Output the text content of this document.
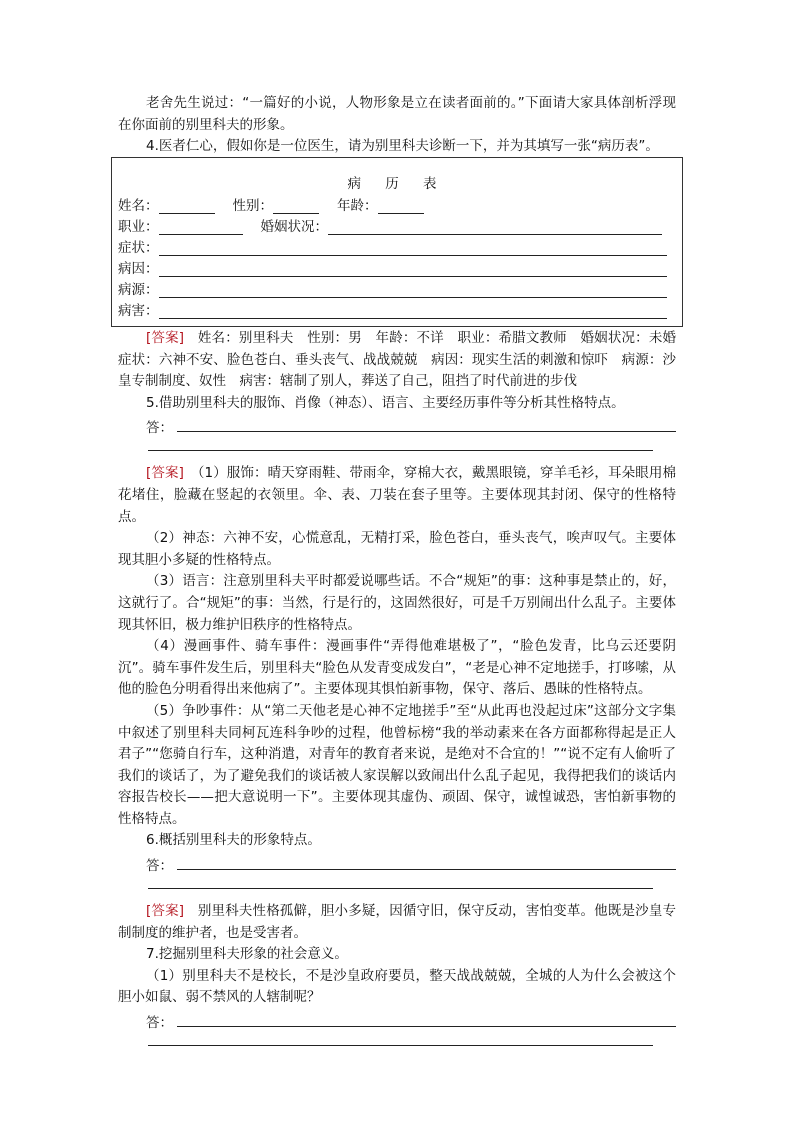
老舍先生说过：“一篇好的小说，人物形象是立在读者面前的。”下面请大家具体剖析浮现在你面前的别里科夫的形象。

4.医者仁心，假如你是一位医生，请为别里科夫诊断一下，并为其填写一张“病历表”。

病 历 表
姓名：	性别：	年龄：
职业：	婚姻状况：
症状：
病因：
病源：
病害：

[答案]　 姓名：别里科夫　性别：男　年龄：不详　职业：希腊文教师　婚姻状况：未婚　症状：六神不安、脸色苍白、垂头丧气、战战兢兢　病因：现实生活的刺激和惊吓　病源：沙皇专制制度、奴性　病害：辖制了别人，葬送了自己，阻挡了时代前进的步伐

5.借助别里科夫的服饰、肖像（神态）、语言、主要经历事件等分析其性格特点。

答：

[答案]　 （1）服饰：晴天穿雨鞋、带雨伞，穿棉大衣，戴黑眼镜，穿羊毛衫，耳朵眼用棉花堵住，脸藏在竖起的衣领里。伞、表、刀装在套子里等。主要体现其封闭、保守的性格特点。

（2）神态：六神不安，心慌意乱，无精打采，脸色苍白，垂头丧气，唉声叹气。主要体现其胆小多疑的性格特点。

（3）语言：注意别里科夫平时都爱说哪些话。不合“规矩”的事：这种事是禁止的，好，这就行了。合“规矩”的事：当然，行是行的，这固然很好，可是千万别闹出什么乱子。主要体现其怀旧，极力维护旧秩序的性格特点。

（4）漫画事件、骑车事件：漫画事件“弄得他难堪极了”，“脸色发青，比乌云还要阴沉”。骑车事件发生后，别里科夫“脸色从发青变成发白”，“老是心神不定地搓手，打哆嗦，从他的脸色分明看得出来他病了”。主要体现其惧怕新事物，保守、落后、愚昧的性格特点。

（5）争吵事件：从“第二天他老是心神不定地搓手”至“从此再也没起过床”这部分文字集中叙述了别里科夫同柯瓦连科争吵的过程，他曾标榜“我的举动素来在各方面都称得起是正人君子”“您骑自行车，这种消遣，对青年的教育者来说，是绝对不合宜的！”“说不定有人偷听了我们的谈话了，为了避免我们的谈话被人家误解以致闹出什么乱子起见，我得把我们的谈话内容报告校长——把大意说明一下”。主要体现其虚伪、顽固、保守，诚惶诚恐，害怕新事物的性格特点。

6.概括别里科夫的形象特点。

答：

[答案]　 别里科夫性格孤僻，胆小多疑，因循守旧，保守反动，害怕变革。他既是沙皇专制制度的维护者，也是受害者。

7.挖掘别里科夫形象的社会意义。

（1）别里科夫不是校长，不是沙皇政府要员，整天战战兢兢，全城的人为什么会被这个胆小如鼠、弱不禁风的人辖制呢？

答：
